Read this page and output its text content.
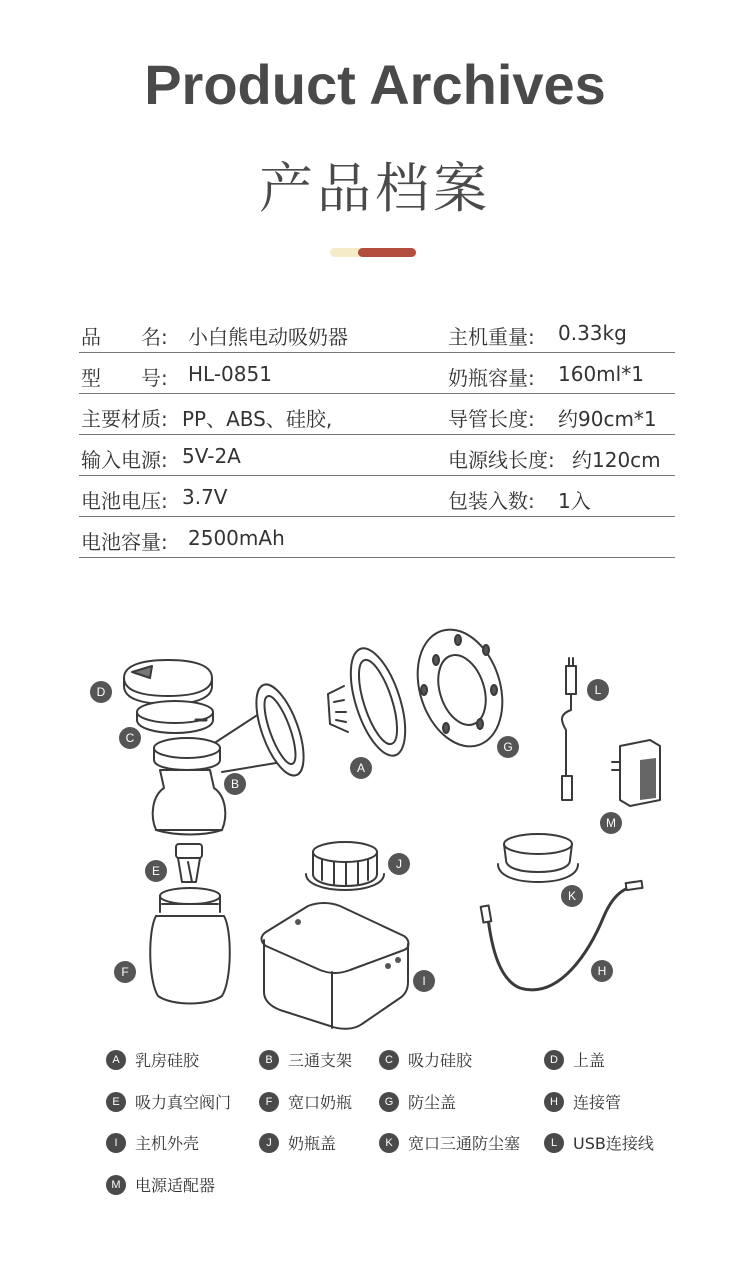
Product Archives
产品档案
品　　名: 小白熊电动吸奶器	主机重量: 0.33kg
型　　号: HL-0851	奶瓶容量: 160ml*1
主要材质: PP、ABS、硅胶,	导管长度: 约90cm*1
输入电源: 5V-2A	电源线长度: 约120cm
电池电压: 3.7V	包装入数: 1入
电池容量: 2500mAh
D
C
B
A
G
L
M
E	J
K
F	H
I
A 乳房硅胶	B 三通支架	C 吸力硅胶	D 上盖
E 吸力真空阀门	F 宽口奶瓶	G 防尘盖	H 连接管
I	主机外壳	J	奶瓶盖	K 宽口三通防尘塞	L USB连接线
M 电源适配器
